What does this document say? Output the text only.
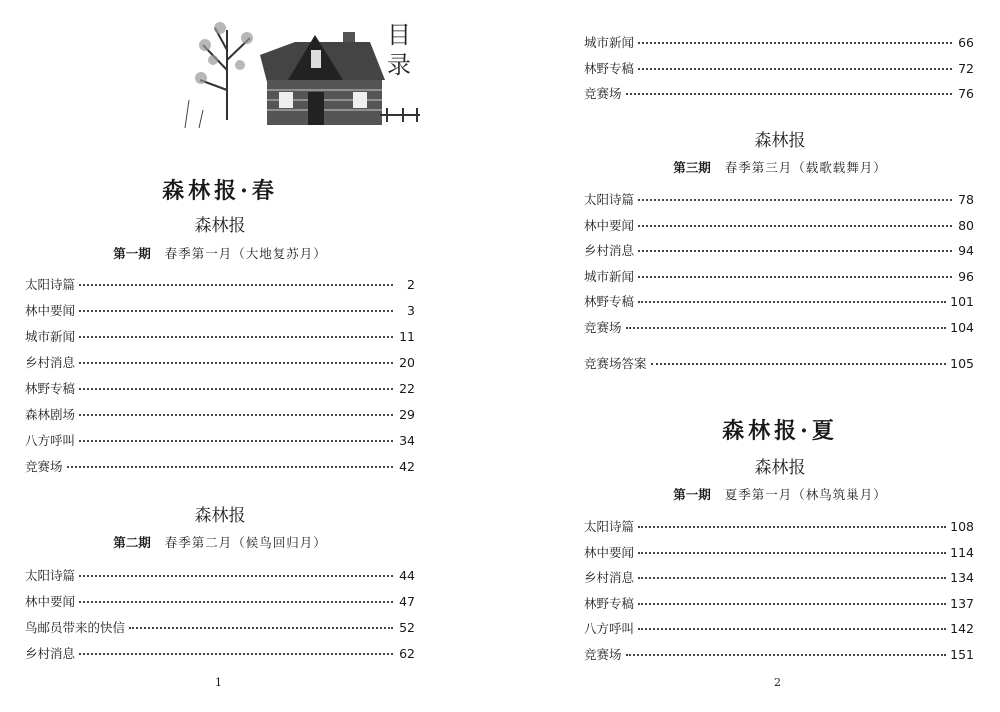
目
录
森林报·春
森林报
第一期 春季第一月（大地复苏月）
森林报
第二期 春季第二月（候鸟回归月）
1
森林报
第三期 春季第三月（载歌载舞月）
森林报·夏
森林报
第一期 夏季第一月（林鸟筑巢月）
2
太阳诗篇	2
林中要闻	3
城市新闻	11
乡村消息	20
林野专稿	22
森林剧场	29
八方呼叫	34
竞赛场	42
太阳诗篇	44
林中要闻	47
鸟邮员带来的快信	52
乡村消息	62
城市新闻	66
林野专稿	72
竞赛场	76
太阳诗篇	78
林中要闻	80
乡村消息	94
城市新闻	96
林野专稿	101
竞赛场	104
竞赛场答案	105
太阳诗篇	108
林中要闻	114
乡村消息	134
林野专稿	137
八方呼叫	142
竞赛场	151
